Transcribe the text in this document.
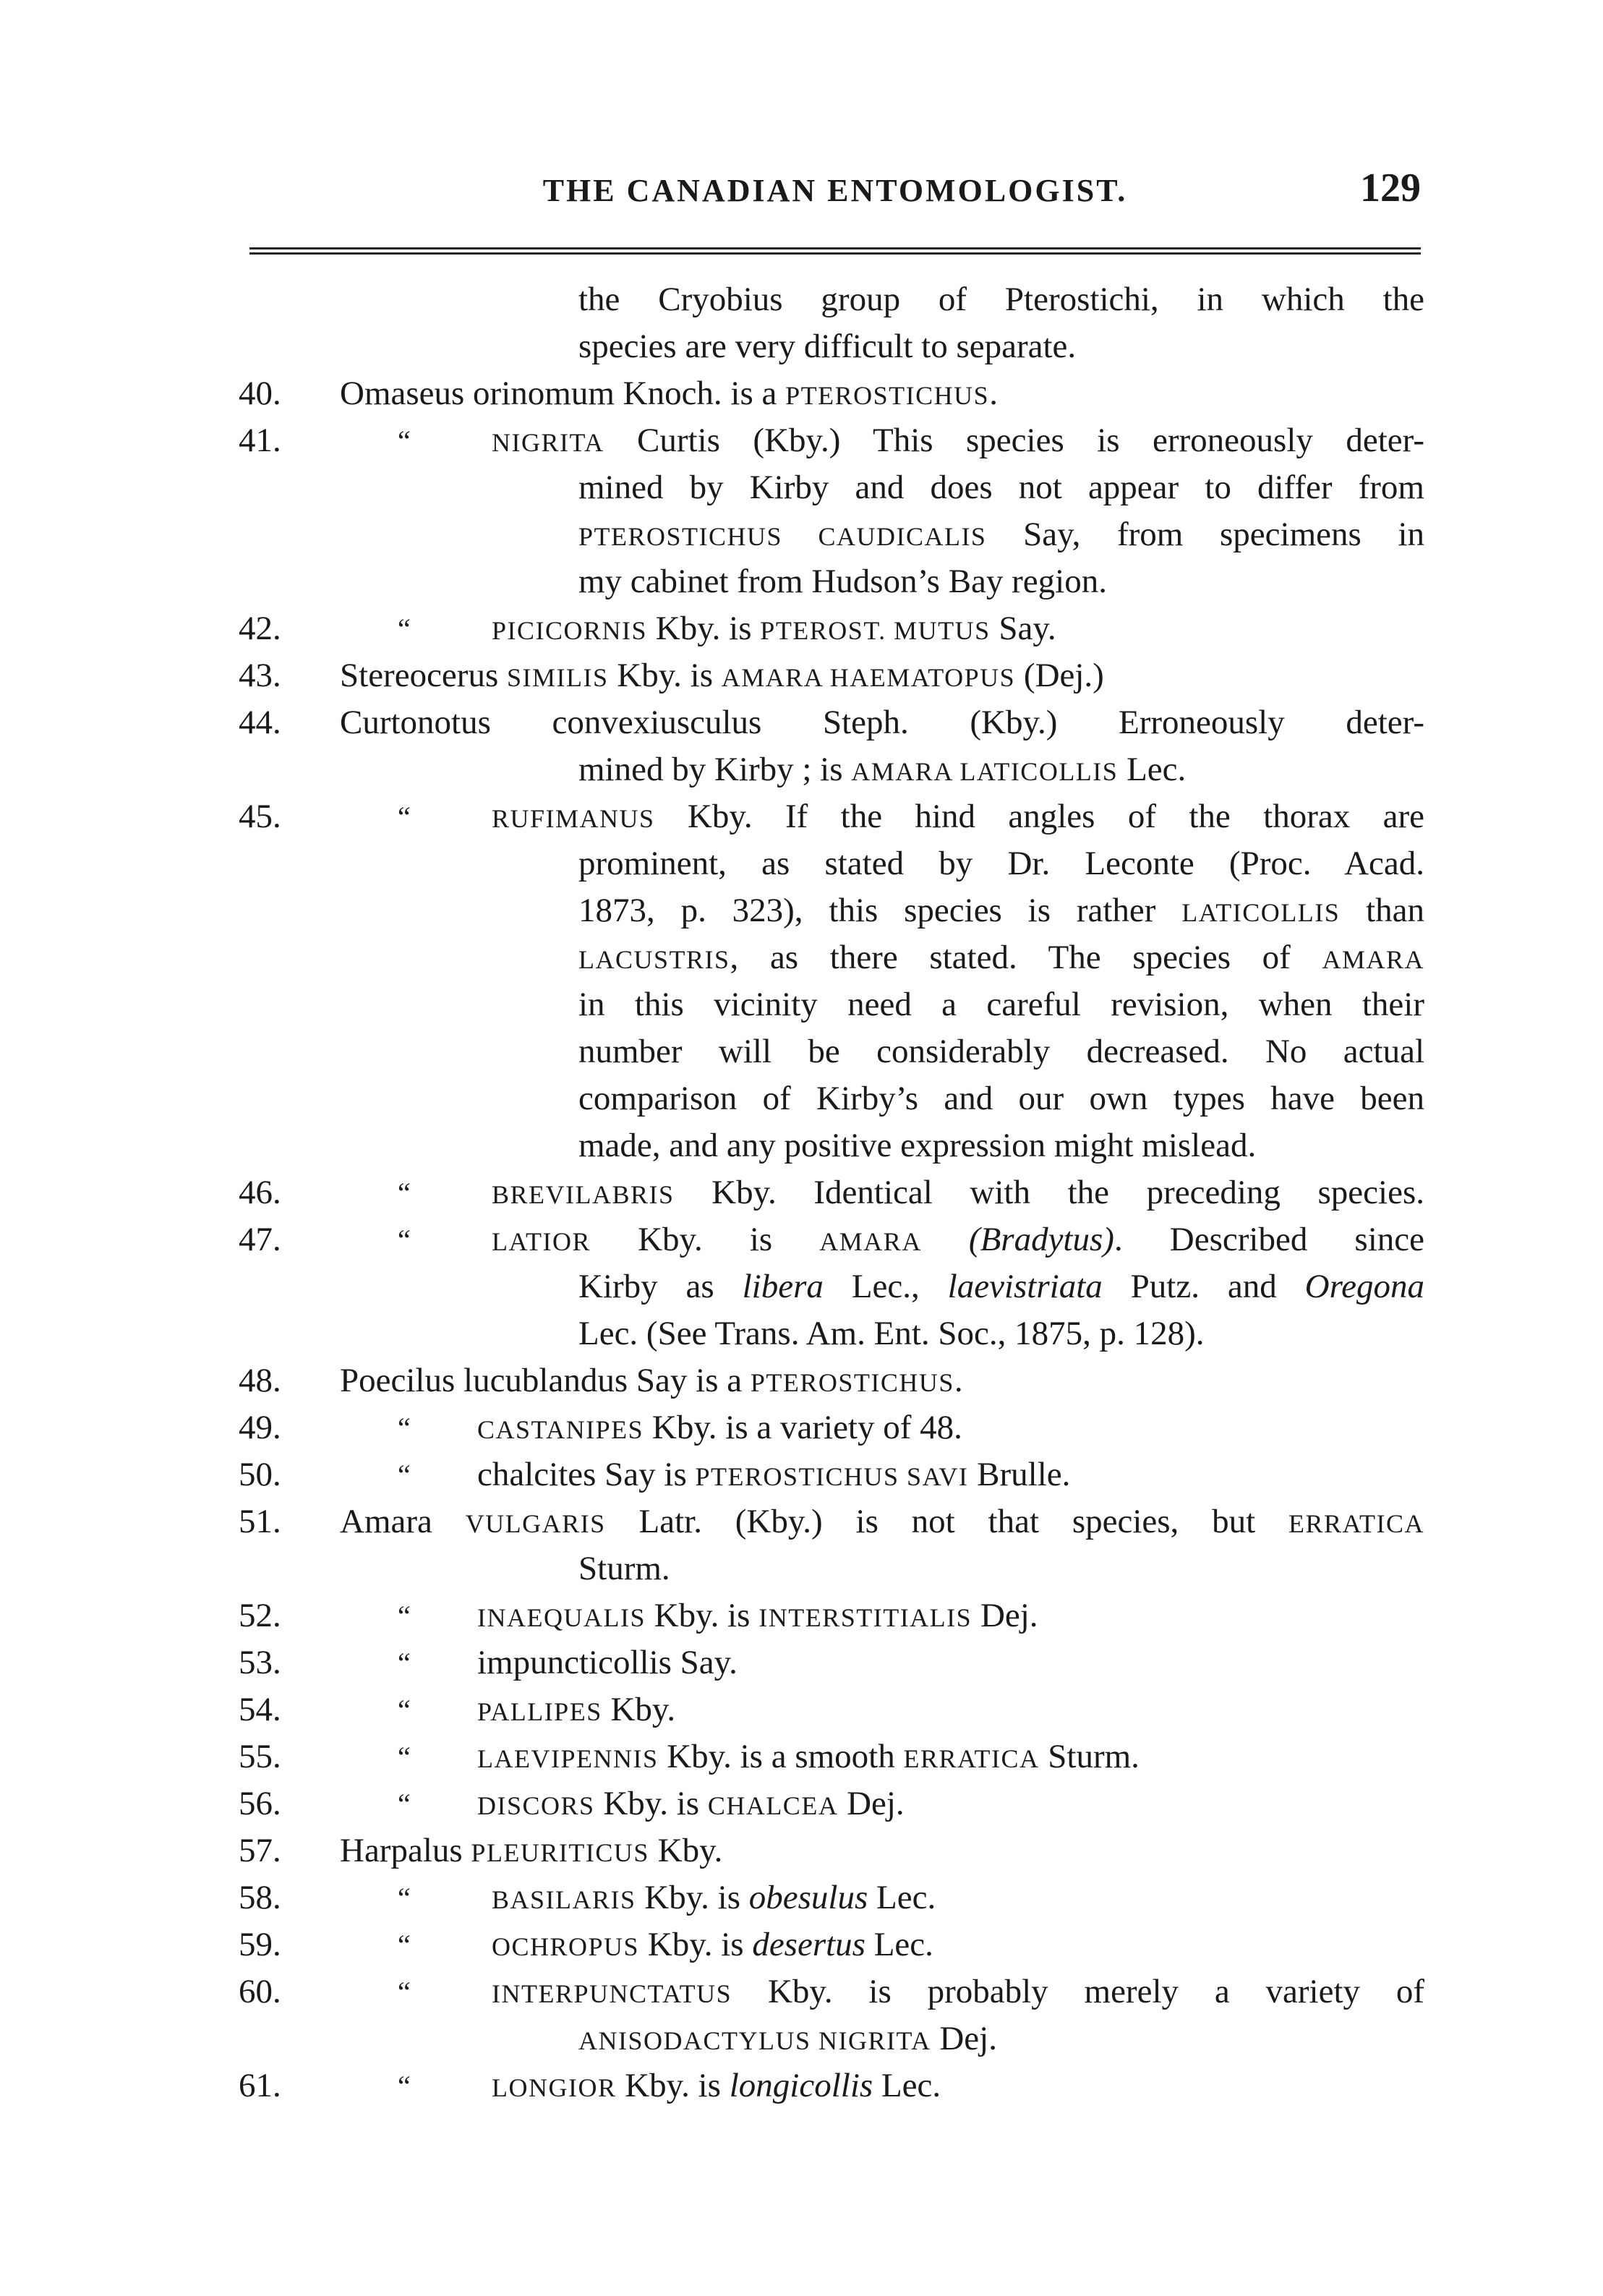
THE CANADIAN ENTOMOLOGIST.	129
the Cryobius group of Pterostichi, in which the
species are very difficult to separate.
40.	Omaseus orinomum Knoch. is a PTEROSTICHUS.
41.	“	NIGRITA Curtis (Kby.) This species is erroneously deter-
mined by Kirby and does not appear to differ from
PTEROSTICHUS CAUDICALIS Say, from specimens in
my cabinet from Hudson’s Bay region.
42.	“	PICICORNIS Kby. is PTEROST. MUTUS Say.
43.	Stereocerus SIMILIS Kby. is AMARA HAEMATOPUS (Dej.)
44.	Curtonotus convexiusculus Steph. (Kby.) Erroneously deter-
mined by Kirby ; is AMARA LATICOLLIS Lec.
45.	“	RUFIMANUS Kby. If the hind angles of the thorax are
prominent, as stated by Dr. Leconte (Proc. Acad.
1873, p. 323), this species is rather LATICOLLIS than
LACUSTRIS, as there stated. The species of AMARA
in this vicinity need a careful revision, when their
number will be considerably decreased. No actual
comparison of Kirby’s and our own types have been
made, and any positive expression might mislead.
46.	“	BREVILABRIS Kby. Identical with the preceding species.
47.	“	LATIOR Kby. is AMARA (Bradytus). Described since
Kirby as libera Lec., laevistriata Putz. and Oregona
Lec. (See Trans. Am. Ent. Soc., 1875, p. 128).
48.	Poecilus lucublandus Say is a PTEROSTICHUS.
49.	“	CASTANIPES Kby. is a variety of 48.
50.	“ chalcites Say is PTEROSTICHUS SAVI Brulle.
51.	Amara VULGARIS Latr. (Kby.) is not that species, but ERRATICA
Sturm.
52.	“	INAEQUALIS Kby. is INTERSTITIALIS Dej.
53.	“ impuncticollis Say.
54.	“	PALLIPES Kby.
55.	“	LAEVIPENNIS Kby. is a smooth ERRATICA Sturm.
56.	“	DISCORS Kby. is CHALCEA Dej.
57.	Harpalus PLEURITICUS Kby.
58.	“	BASILARIS Kby. is obesulus Lec.
59.	“	OCHROPUS Kby. is desertus Lec.
60.	“	INTERPUNCTATUS Kby. is probably merely a variety of
ANISODACTYLUS NIGRITA Dej.
61.	“	LONGIOR Kby. is longicollis Lec.
